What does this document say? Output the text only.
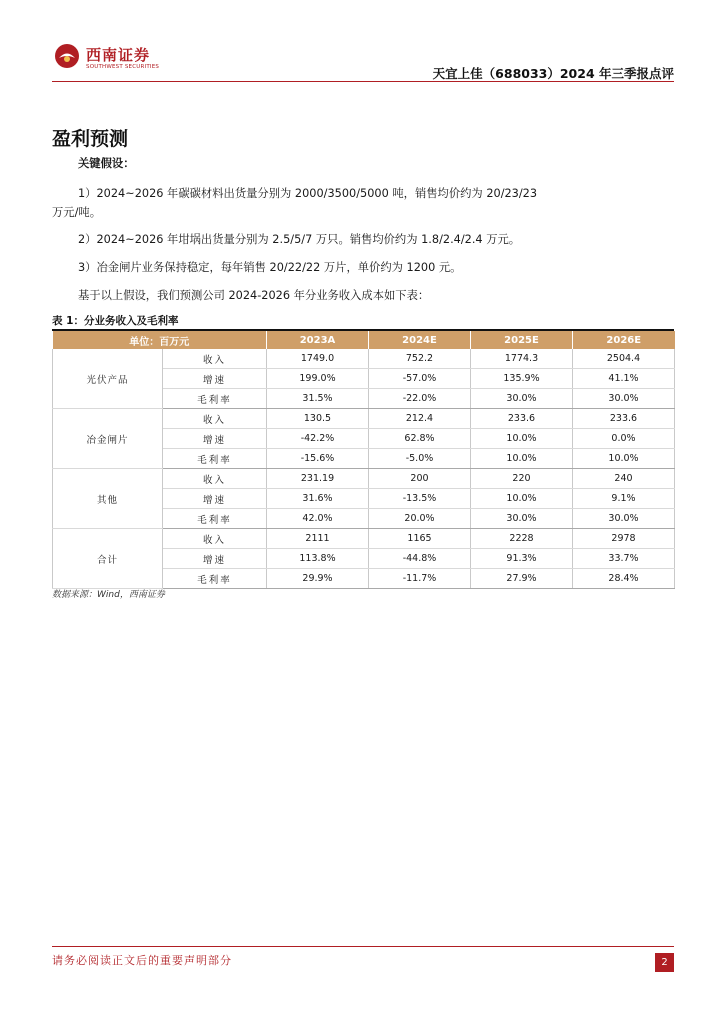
西南证券
SOUTHWEST SECURITIES	天宜上佳（688033）2024 年三季报点评
盈利预测
关键假设：
1）2024~2026 年碳碳材料出货量分别为 2000/3500/5000 吨，销售均价约为 20/23/23
万元/吨。
2）2024~2026 年坩埚出货量分别为 2.5/5/7 万只。销售均价约为 1.8/2.4/2.4 万元。
3）冶金闸片业务保持稳定，每年销售 20/22/22 万片，单价约为 1200 元。
基于以上假设，我们预测公司 2024-2026 年分业务收入成本如下表：
表 1：分业务收入及毛利率
单位：百万元		2023A	2024E	2025E	2026E
光伏产品	收入	1749.0	752.2	1774.3	2504.4
	增速	199.0%	-57.0%	135.9%	41.1%
	毛利率	31.5%	-22.0%	30.0%	30.0%
冶金闸片	收入	130.5	212.4	233.6	233.6
	增速	-42.2%	62.8%	10.0%	0.0%
	毛利率	-15.6%	-5.0%	10.0%	10.0%
其他	收入	231.19	200	220	240
	增速	31.6%	-13.5%	10.0%	9.1%
	毛利率	42.0%	20.0%	30.0%	30.0%
合计	收入	2111	1165	2228	2978
	增速	113.8%	-44.8%	91.3%	33.7%
	毛利率	29.9%	-11.7%	27.9%	28.4%
数据来源：Wind，西南证券
请务必阅读正文后的重要声明部分	2
